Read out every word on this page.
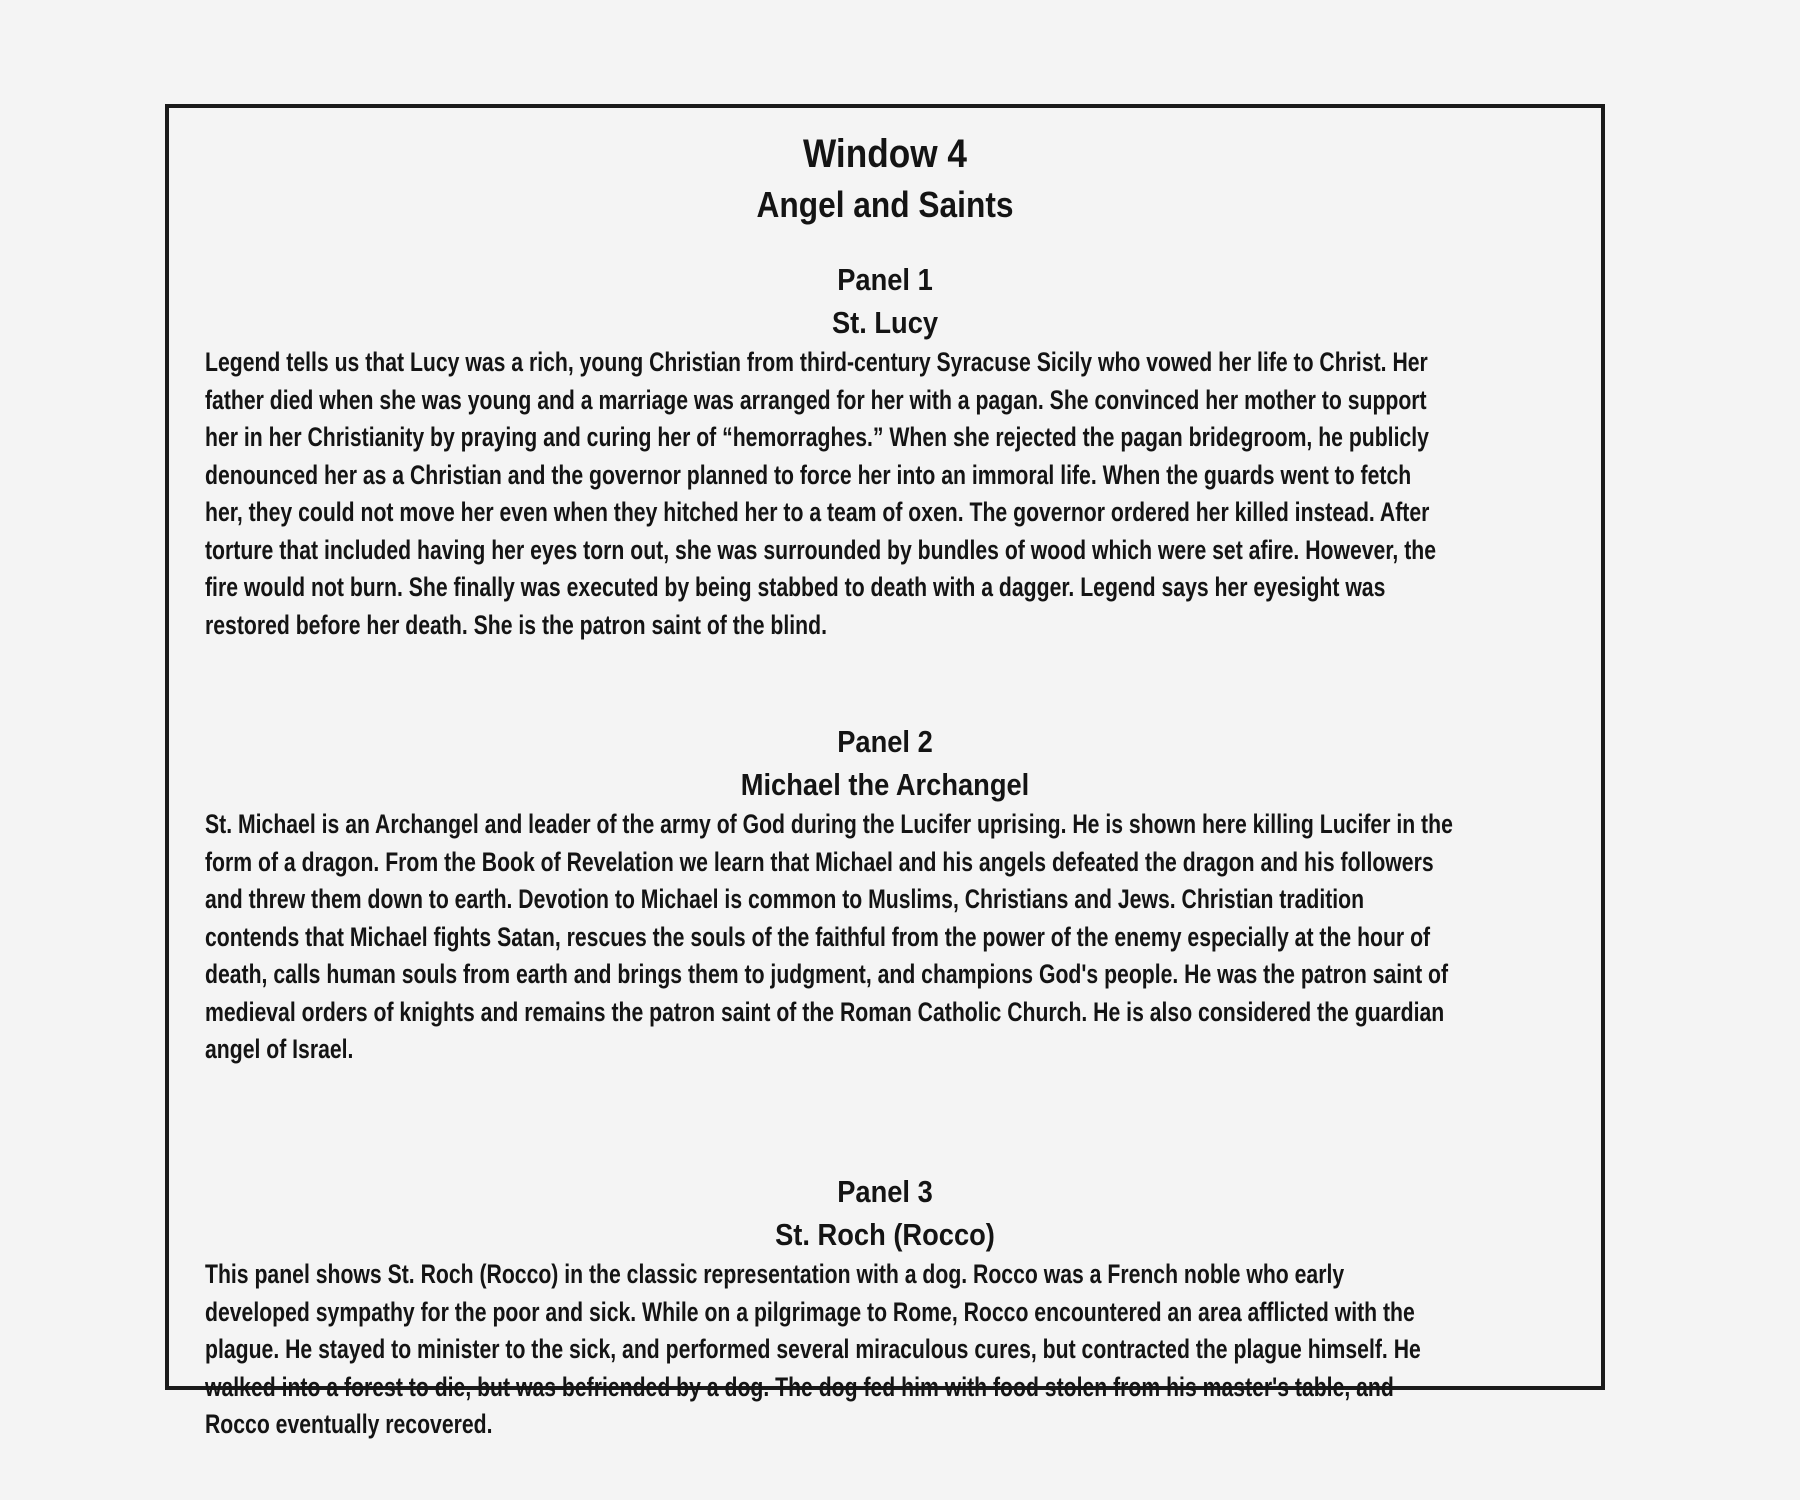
Window 4
Angel and Saints
Panel 1
St. Lucy

Legend tells us that Lucy was a rich, young Christian from third-century Syracuse Sicily who vowed her life to Christ. Her father died when she was young and a marriage was arranged for her with a pagan. She convinced her mother to support her in her Christianity by praying and curing her of “hemorraghes.” When she rejected the pagan bridegroom, he publicly denounced her as a Christian and the governor planned to force her into an immoral life. When the guards went to fetch her, they could not move her even when they hitched her to a team of oxen. The governor ordered her killed instead. After torture that included having her eyes torn out, she was surrounded by bundles of wood which were set afire. However, the fire would not burn. She finally was executed by being stabbed to death with a dagger. Legend says her eyesight was restored before her death. She is the patron saint of the blind.

Panel 2
Michael the Archangel

St. Michael is an Archangel and leader of the army of God during the Lucifer uprising. He is shown here killing Lucifer in the form of a dragon. From the Book of Revelation we learn that Michael and his angels defeated the dragon and his followers and threw them down to earth. Devotion to Michael is common to Muslims, Christians and Jews. Christian tradition contends that Michael fights Satan, rescues the souls of the faithful from the power of the enemy especially at the hour of death, calls human souls from earth and brings them to judgment, and champions God's people. He was the patron saint of medieval orders of knights and remains the patron saint of the Roman Catholic Church. He is also considered the guardian angel of Israel.

Panel 3
St. Roch (Rocco)

This panel shows St. Roch (Rocco) in the classic representation with a dog. Rocco was a French noble who early developed sympathy for the poor and sick. While on a pilgrimage to Rome, Rocco encountered an area afflicted with the plague. He stayed to minister to the sick, and performed several miraculous cures, but contracted the plague himself. He walked into a forest to die, but was befriended by a dog. The dog fed him with food stolen from his master's table, and Rocco eventually recovered.
